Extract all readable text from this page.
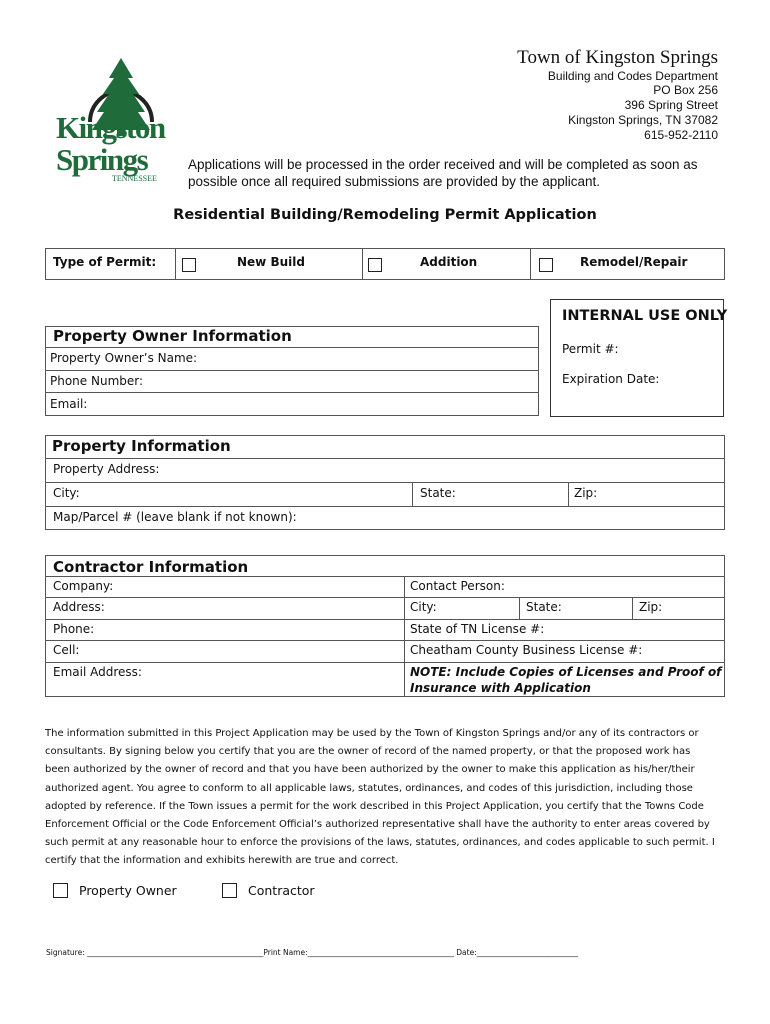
Kingston
Springs
TENNESSEE
Town of Kingston Springs
Building and Codes Department
PO Box 256
396 Spring Street
Kingston Springs, TN 37082
615-952-2110
Applications will be processed in the order received and will be completed as soon as
possible once all required submissions are provided by the applicant.
Residential Building/Remodeling Permit Application
Type of Permit:	New Build	Addition	Remodel/Repair
INTERNAL USE ONLY
Permit #:
Expiration Date:
Property Owner Information
Property Owner’s Name:
Phone Number:
Email:
Property Information
Property Address:
City:	State:	Zip:
Map/Parcel # (leave blank if not known):
Contractor Information
Company:	Contact Person:
Address:	City:	State:	Zip:
Phone:	State of TN License #:
Cell:	Cheatham County Business License #:
Email Address:	NOTE: Include Copies of Licenses and Proof of
Insurance with Application
The information submitted in this Project Application may be used by the Town of Kingston Springs and/or any of its contractors or
consultants. By signing below you certify that you are the owner of record of the named property, or that the proposed work has
been authorized by the owner of record and that you have been authorized by the owner to make this application as his/her/their
authorized agent. You agree to conform to all applicable laws, statutes, ordinances, and codes of this jurisdiction, including those
adopted by reference. If the Town issues a permit for the work described in this Project Application, you certify that the Towns Code
Enforcement Official or the Code Enforcement Official’s authorized representative shall have the authority to enter areas covered by
such permit at any reasonable hour to enforce the provisions of the laws, statutes, ordinances, and codes applicable to such permit. I
certify that the information and exhibits herewith are true and correct.
Property Owner	Contractor
Signature: _______________________________________________Print Name:_______________________________________ Date:___________________________
